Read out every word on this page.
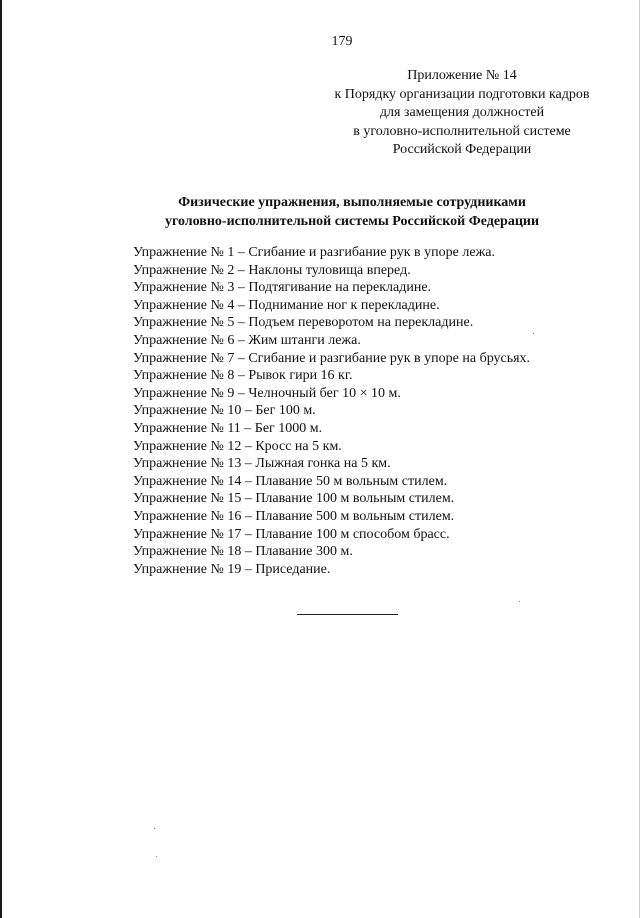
179
Приложение № 14
к Порядку организации подготовки кадров
для замещения должностей
в уголовно-исполнительной системе
Российской Федерации
Физические упражнения, выполняемые сотрудниками
уголовно-исполнительной системы Российской Федерации
Упражнение № 1 – Сгибание и разгибание рук в упоре лежа.
Упражнение № 2 – Наклоны туловища вперед.
Упражнение № 3 – Подтягивание на перекладине.
Упражнение № 4 – Поднимание ног к перекладине.
Упражнение № 5 – Подъем переворотом на перекладине.
Упражнение № 6 – Жим штанги лежа.
Упражнение № 7 – Сгибание и разгибание рук в упоре на брусьях.
Упражнение № 8 – Рывок гири 16 кг.
Упражнение № 9 – Челночный бег 10 × 10 м.
Упражнение № 10 – Бег 100 м.
Упражнение № 11 – Бег 1000 м.
Упражнение № 12 – Кросс на 5 км.
Упражнение № 13 – Лыжная гонка на 5 км.
Упражнение № 14 – Плавание 50 м вольным стилем.
Упражнение № 15 – Плавание 100 м вольным стилем.
Упражнение № 16 – Плавание 500 м вольным стилем.
Упражнение № 17 – Плавание 100 м способом брасс.
Упражнение № 18 – Плавание 300 м.
Упражнение № 19 – Приседание.
